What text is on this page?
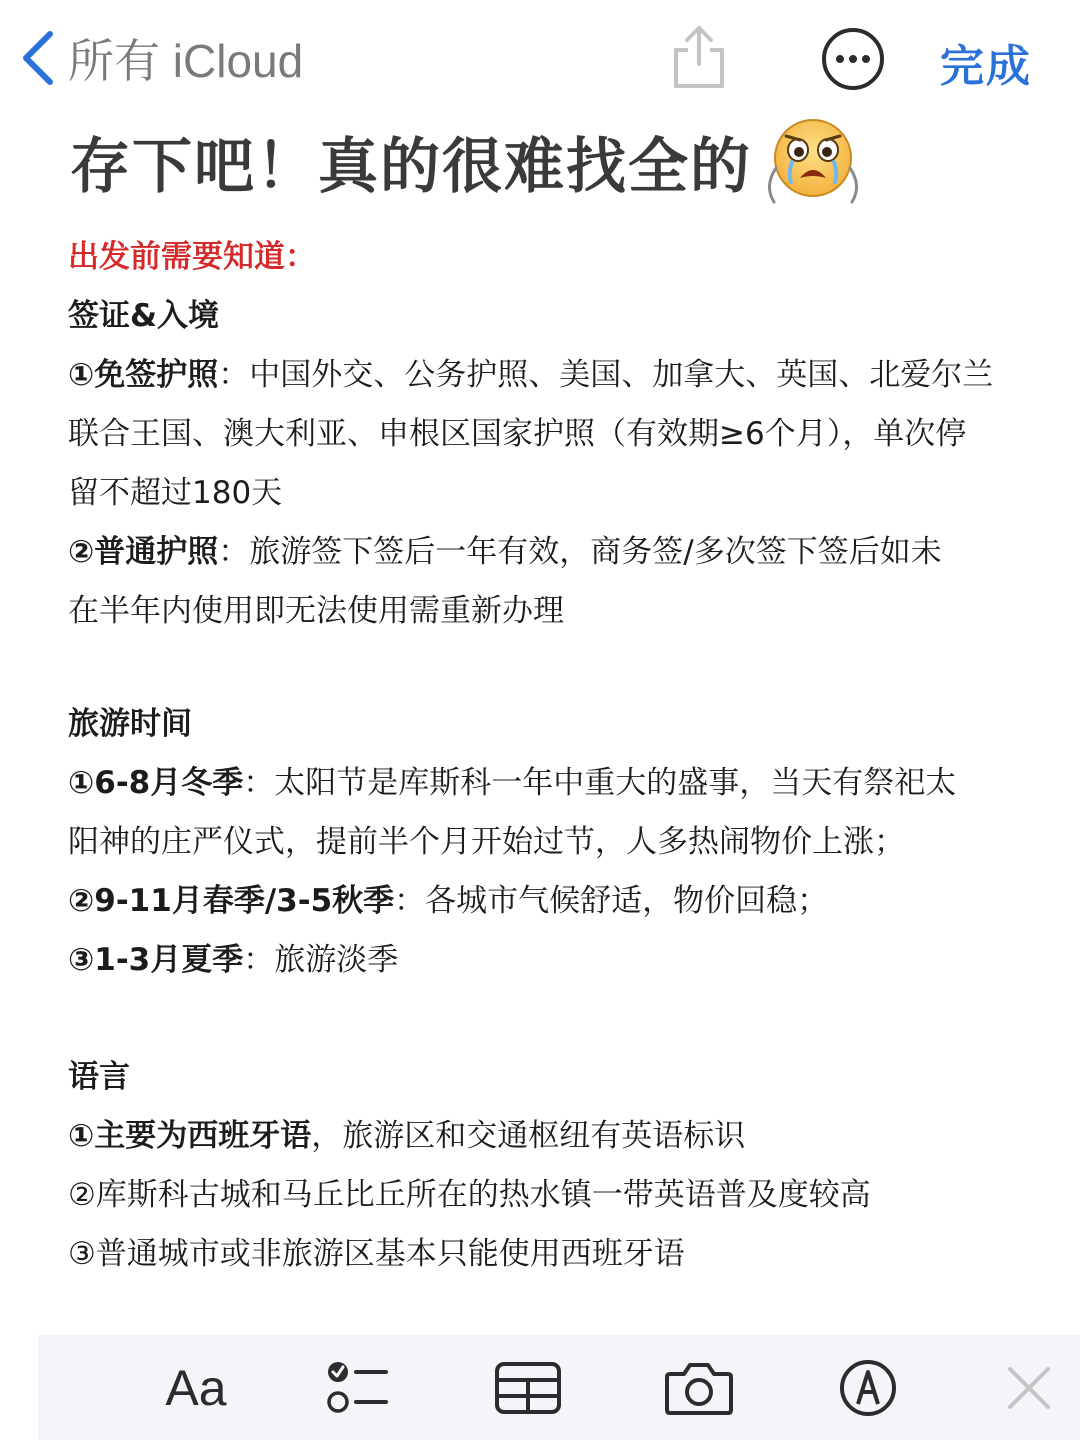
所有 iCloud	完成
存下吧！真的很难找全的
出发前需要知道：
签证&入境
①免签护照：中国外交、公务护照、美国、加拿大、英国、北爱尔兰
联合王国、澳大利亚、申根区国家护照（有效期≥6个月），单次停
留不超过180天
②普通护照：旅游签下签后一年有效，商务签/多次签下签后如未
在半年内使用即无法使用需重新办理
旅游时间
①6-8月冬季：太阳节是库斯科一年中重大的盛事，当天有祭祀太
阳神的庄严仪式，提前半个月开始过节，人多热闹物价上涨；
②9-11月春季/3-5秋季：各城市气候舒适，物价回稳；
③1-3月夏季：旅游淡季
语言
①主要为西班牙语，旅游区和交通枢纽有英语标识
②库斯科古城和马丘比丘所在的热水镇一带英语普及度较高
③普通城市或非旅游区基本只能使用西班牙语
Aa
